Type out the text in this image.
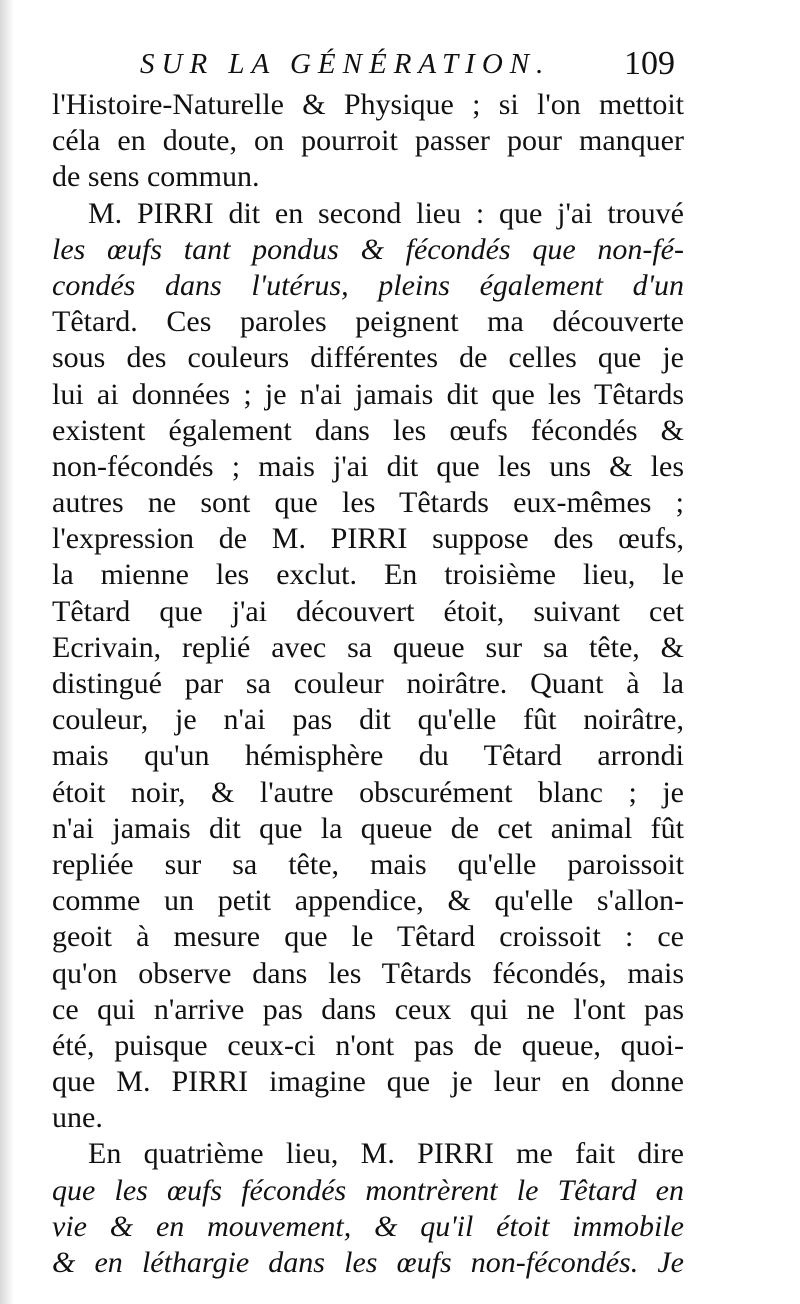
SUR LA GÉNÉRATION.	109
l'Histoire-Naturelle & Physique ; si l'on mettoit
céla en doute, on pourroit passer pour manquer
de sens commun.
M. PIRRI dit en second lieu : que j'ai trouvé
les œufs tant pondus & fécondés que non-fé-
condés dans l'utérus, pleins également d'un
Têtard. Ces paroles peignent ma découverte
sous des couleurs différentes de celles que je
lui ai données ; je n'ai jamais dit que les Têtards
existent également dans les œufs fécondés &
non-fécondés ; mais j'ai dit que les uns & les
autres ne sont que les Têtards eux-mêmes ;
l'expression de M. PIRRI suppose des œufs,
la mienne les exclut. En troisième lieu, le
Têtard que j'ai découvert étoit, suivant cet
Ecrivain, replié avec sa queue sur sa tête, &
distingué par sa couleur noirâtre. Quant à la
couleur, je n'ai pas dit qu'elle fût noirâtre,
mais qu'un hémisphère du Têtard arrondi
étoit noir, & l'autre obscurément blanc ; je
n'ai jamais dit que la queue de cet animal fût
repliée sur sa tête, mais qu'elle paroissoit
comme un petit appendice, & qu'elle s'allon-
geoit à mesure que le Têtard croissoit : ce
qu'on observe dans les Têtards fécondés, mais
ce qui n'arrive pas dans ceux qui ne l'ont pas
été, puisque ceux-ci n'ont pas de queue, quoi-
que M. PIRRI imagine que je leur en donne
une.
En quatrième lieu, M. PIRRI me fait dire
que les œufs fécondés montrèrent le Têtard en
vie & en mouvement, & qu'il étoit immobile
& en léthargie dans les œufs non-fécondés. Je
